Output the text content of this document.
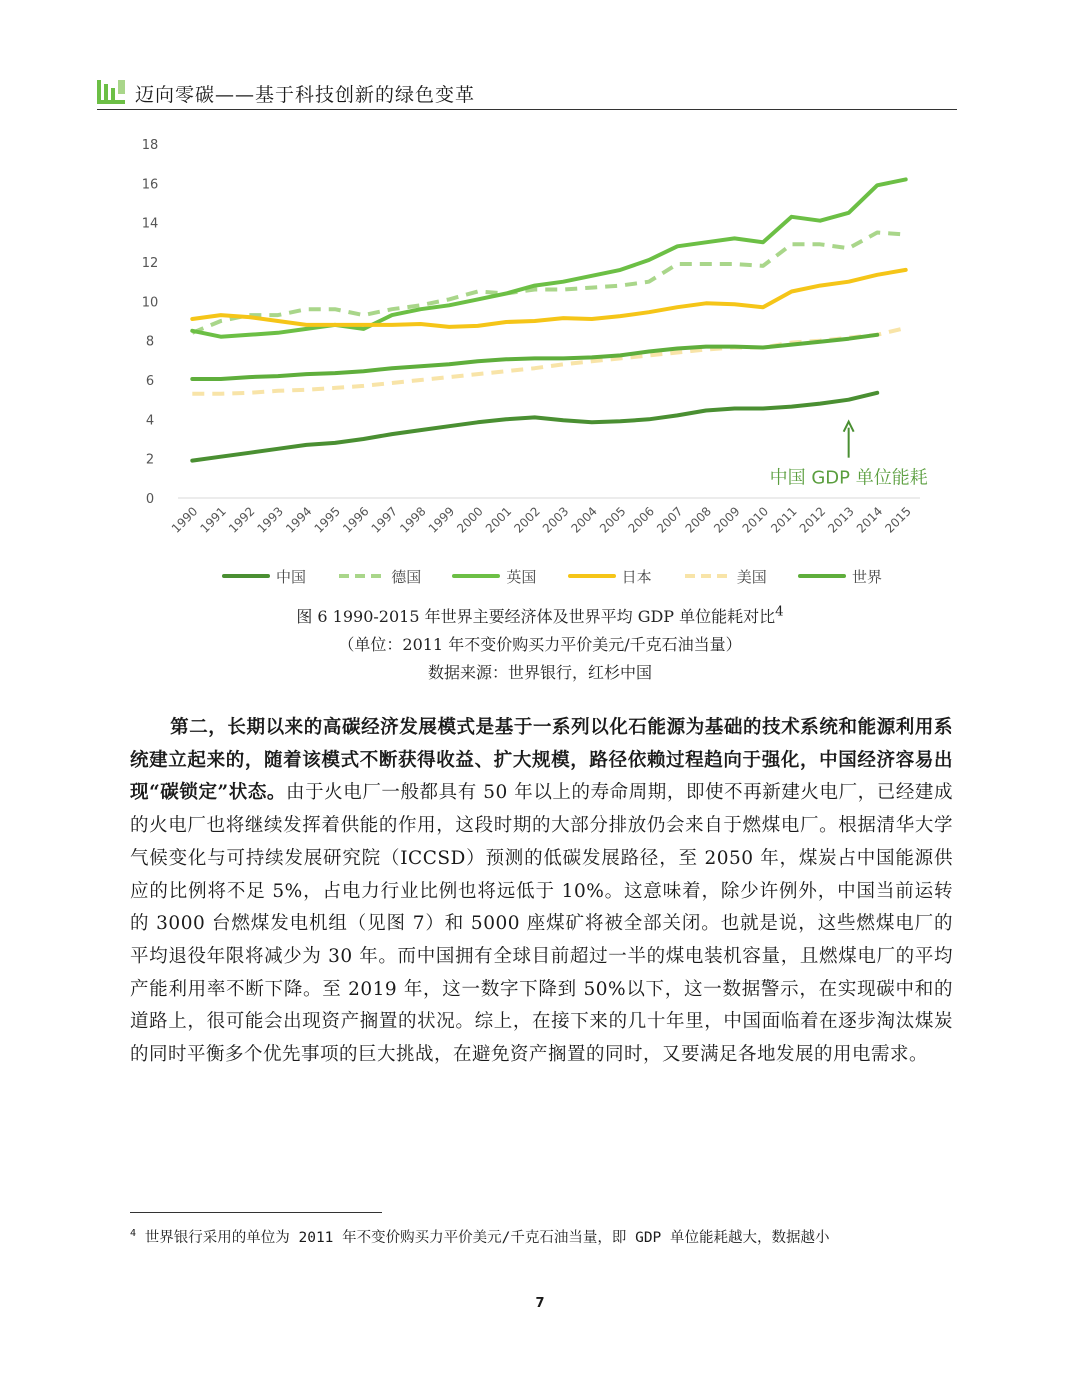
迈向零碳——基于科技创新的绿色变革
0
2
4
6
8
10
12
14
16
18
1990
1991
1992
1993
1994
1995
1996
1997
1998
1999
2000
2001
2002
2003
2004
2005
2006
2007
2008
2009
2010
2011
2012
2013
2014
2015
中国 GDP 单位能耗
中国	德国	英国	日本	美国	世界
图 6 1990-2015 年世界主要经济体及世界平均 GDP 单位能耗对比$^4$
（单位：2011 年不变价购买力平价美元/千克石油当量）
数据来源：世界银行，红杉中国
第二，长期以来的高碳经济发展模式是基于一系列以化石能源为基础的技术系统和能源利用系统建立起来的，随着该模式不断获得收益、扩大规模，路径依赖过程趋向于强化，中国经济容易出现“碳锁定”状态。由于火电厂一般都具有 50 年以上的寿命周期，即使不再新建火电厂，已经建成的火电厂也将继续发挥着供能的作用，这段时期的大部分排放仍会来自于燃煤电厂。根据清华大学气候变化与可持续发展研究院（ICCSD）预测的低碳发展路径，至 2050 年，煤炭占中国能源供应的比例将不足 5%，占电力行业比例也将远低于 10%。这意味着，除少许例外，中国当前运转的 3000 台燃煤发电机组（见图 7）和 5000 座煤矿将被全部关闭。也就是说，这些燃煤电厂的平均退役年限将减少为 30 年。而中国拥有全球目前超过一半的煤电装机容量，且燃煤电厂的平均产能利用率不断下降。至 2019 年，这一数字下降到 50%以下，这一数据警示，在实现碳中和的道路上，很可能会出现资产搁置的状况。综上，在接下来的几十年里，中国面临着在逐步淘汰煤炭的同时平衡多个优先事项的巨大挑战，在避免资产搁置的同时，又要满足各地发展的用电需求。
$^4$ 世界银行采用的单位为 2011 年不变价购买力平价美元/千克石油当量，即 GDP 单位能耗越大，数据越小
7
